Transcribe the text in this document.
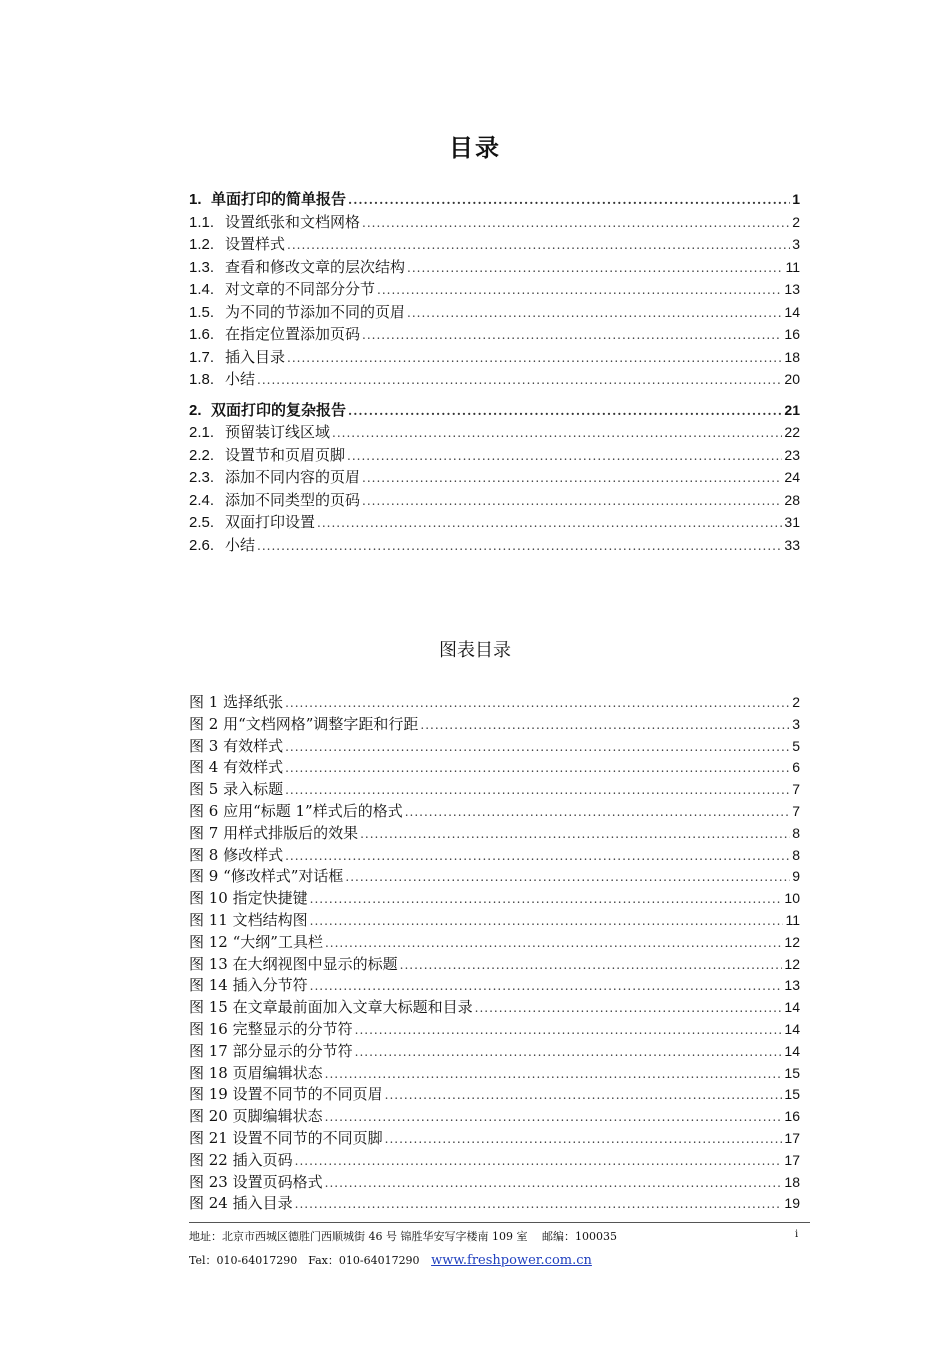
目录
1. 单面打印的简单报告 .....	1
1.1. 设置纸张和文档网格 .....	2
1.2. 设置样式 .....	3
1.3. 查看和修改文章的层次结构 .....	11
1.4. 对文章的不同部分分节 .....	13
1.5. 为不同的节添加不同的页眉 .....	14
1.6. 在指定位置添加页码 .....	16
1.7. 插入目录 .....	18
1.8. 小结 .....	20
2. 双面打印的复杂报告 .....	21
2.1. 预留装订线区域 .....	22
2.2. 设置节和页眉页脚 .....	23
2.3. 添加不同内容的页眉 .....	24
2.4. 添加不同类型的页码 .....	28
2.5. 双面打印设置 .....	31
2.6. 小结 .....	33
图表目录
图 1 选择纸张 .....	2
图 2 用“文档网格”调整字距和行距 .....	3
图 3 有效样式 .....	5
图 4 有效样式 .....	6
图 5 录入标题 .....	7
图 6 应用“标题 1”样式后的格式 .....	7
图 7 用样式排版后的效果 .....	8
图 8 修改样式 .....	8
图 9 “修改样式”对话框 .....	9
图 10 指定快捷键 .....	10
图 11 文档结构图 .....	11
图 12 “大纲”工具栏 .....	12
图 13 在大纲视图中显示的标题 .....	12
图 14 插入分节符 .....	13
图 15 在文章最前面加入文章大标题和目录 .....	14
图 16 完整显示的分节符 .....	14
图 17 部分显示的分节符 .....	14
图 18 页眉编辑状态 .....	15
图 19 设置不同节的不同页眉 .....	15
图 20 页脚编辑状态 .....	16
图 21 设置不同节的不同页脚 .....	17
图 22 插入页码 .....	17
图 23 设置页码格式 .....	18
图 24 插入目录 .....	19
地址：北京市西城区德胜门西顺城街 46 号 锦胜华安写字楼南 109 室　 邮编：100035	i
Tel：010-64017290　Fax：010-64017290 www.freshpower.com.cn
